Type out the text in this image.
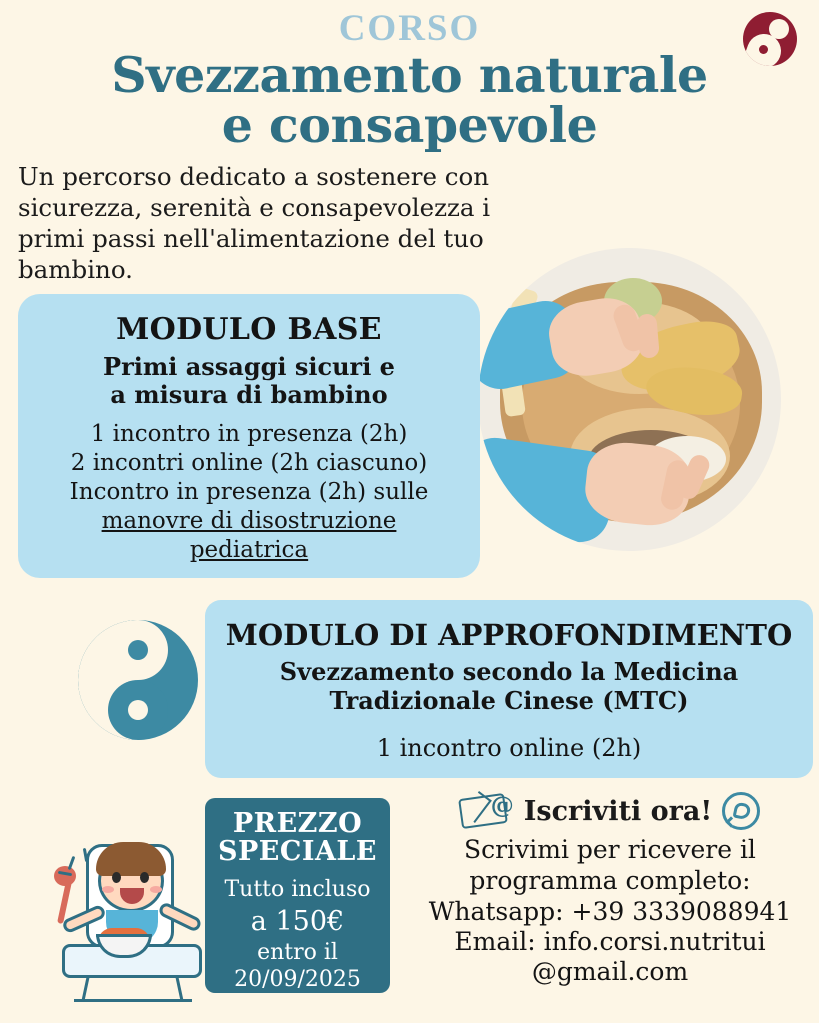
CORSO
Svezzamento naturale
e consapevole
Un percorso dedicato a sostenere con sicurezza, serenità e consapevolezza i primi passi nell'alimentazione del tuo bambino.
MODULO BASE
Primi assaggi sicuri e
a misura di bambino
1 incontro in presenza (2h)
2 incontri online (2h ciascuno)
Incontro in presenza (2h) sulle
manovre di disostruzione
pediatrica
MODULO DI APPROFONDIMENTO
Svezzamento secondo la Medicina
Tradizionale Cinese (MTC)
1 incontro online (2h)
PREZZO
SPECIALE
Tutto incluso
a 150€
entro il
20/09/2025
@ Iscriviti ora!
Scrivimi per ricevere il
programma completo:
Whatsapp: +39 3339088941
Email: info.corsi.nutritui
@gmail.com
